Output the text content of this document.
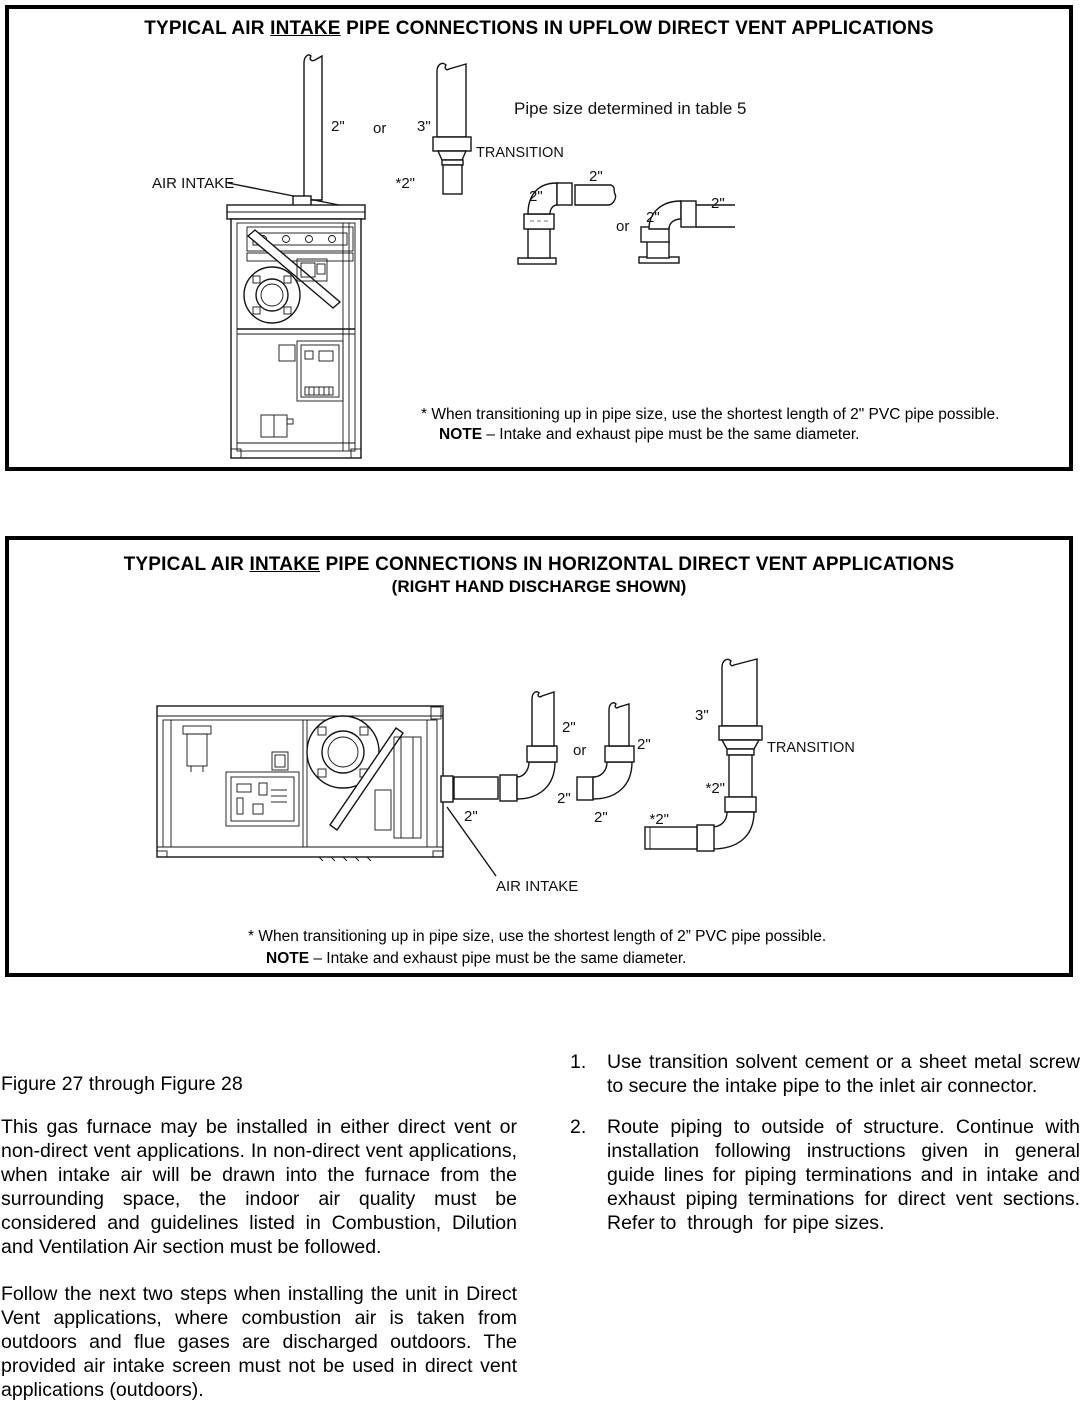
TYPICAL AIR INTAKE PIPE CONNECTIONS IN UPFLOW DIRECT VENT APPLICATIONS
2" or 3"
*2"
TRANSITION
Pipe size determined in table 5
AIR INTAKE
2"
2"
or
2"
2"
* When transitioning up in pipe size, use the shortest length of 2" PVC pipe possible.
NOTE – Intake and exhaust pipe must be the same diameter.
TYPICAL AIR INTAKE PIPE CONNECTIONS IN HORIZONTAL DIRECT VENT APPLICATIONS
(RIGHT HAND DISCHARGE SHOWN)
2"
2"
or
2"
2"
2"
AIR INTAKE
3"
TRANSITION
*2"
*2"
* When transitioning up in pipe size, use the shortest length of 2” PVC pipe possible.
NOTE – Intake and exhaust pipe must be the same diameter.

Figure 27 through Figure 28

This gas furnace may be installed in either direct vent or non-direct vent applications. In non-direct vent applications, when intake air will be drawn into the furnace from the surrounding space, the indoor air quality must be considered and guidelines listed in Combustion, Dilution and Ventilation Air section must be followed.

Follow the next two steps when installing the unit in Direct Vent applications, where combustion air is taken from outdoors and flue gases are discharged outdoors. The provided air intake screen must not be used in direct vent applications (outdoors).

1.	Use transition solvent cement or a sheet metal screw to secure the intake pipe to the inlet air connector.
2.	Route piping to outside of structure. Continue with installation following instructions given in general guide lines for piping terminations and in intake and exhaust piping terminations for direct vent sections. Refer to  through  for pipe sizes.
